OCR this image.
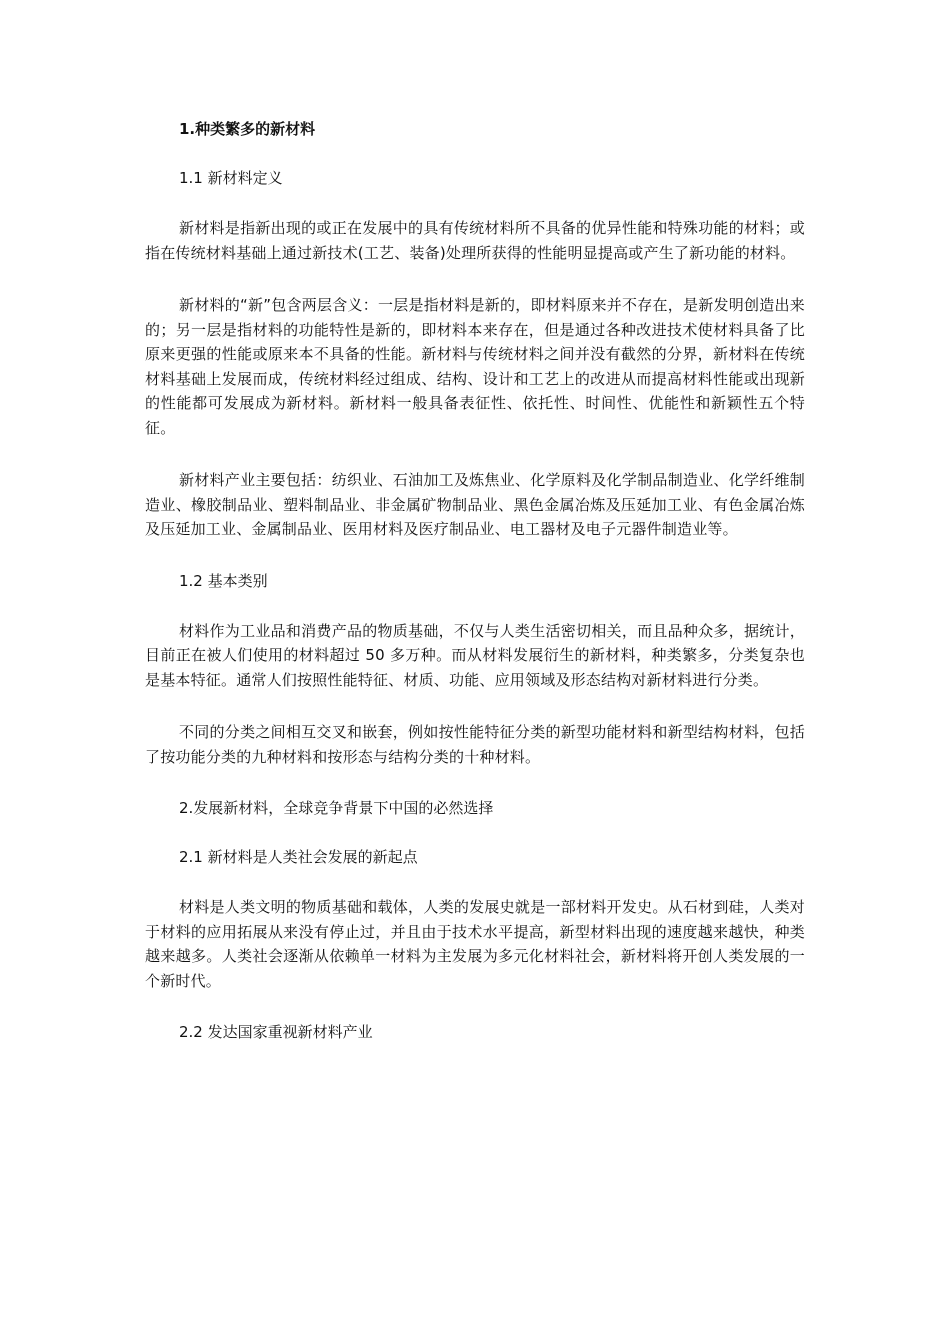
1.种类繁多的新材料
1.1 新材料定义

新材料是指新出现的或正在发展中的具有传统材料所不具备的优异性能和特殊功能的材料；或指在传统材料基础上通过新技术(工艺、装备)处理所获得的性能明显提高或产生了新功能的材料。

新材料的“新”包含两层含义：一层是指材料是新的，即材料原来并不存在，是新发明创造出来的；另一层是指材料的功能特性是新的，即材料本来存在，但是通过各种改进技术使材料具备了比原来更强的性能或原来本不具备的性能。新材料与传统材料之间并没有截然的分界，新材料在传统材料基础上发展而成，传统材料经过组成、结构、设计和工艺上的改进从而提高材料性能或出现新的性能都可发展成为新材料。新材料一般具备表征性、依托性、时间性、优能性和新颖性五个特征。

新材料产业主要包括：纺织业、石油加工及炼焦业、化学原料及化学制品制造业、化学纤维制造业、橡胶制品业、塑料制品业、非金属矿物制品业、黑色金属冶炼及压延加工业、有色金属冶炼及压延加工业、金属制品业、医用材料及医疗制品业、电工器材及电子元器件制造业等。

1.2 基本类别

材料作为工业品和消费产品的物质基础，不仅与人类生活密切相关，而且品种众多，据统计，目前正在被人们使用的材料超过 50 多万种。而从材料发展衍生的新材料，种类繁多，分类复杂也是基本特征。通常人们按照性能特征、材质、功能、应用领域及形态结构对新材料进行分类。

不同的分类之间相互交叉和嵌套，例如按性能特征分类的新型功能材料和新型结构材料，包括了按功能分类的九种材料和按形态与结构分类的十种材料。

2.发展新材料，全球竞争背景下中国的必然选择
2.1 新材料是人类社会发展的新起点

材料是人类文明的物质基础和载体，人类的发展史就是一部材料开发史。从石材到硅，人类对于材料的应用拓展从来没有停止过，并且由于技术水平提高，新型材料出现的速度越来越快，种类越来越多。人类社会逐渐从依赖单一材料为主发展为多元化材料社会，新材料将开创人类发展的一个新时代。

2.2 发达国家重视新材料产业
